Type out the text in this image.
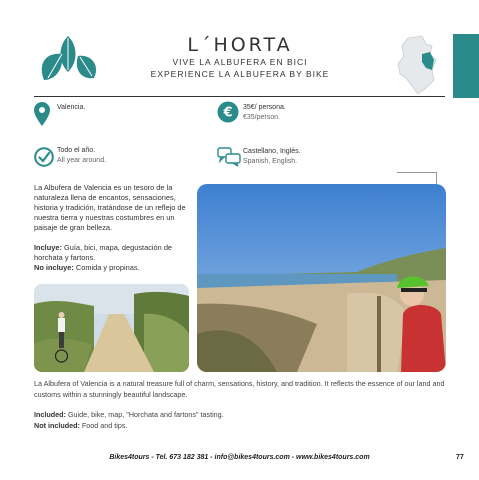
L´HORTA
VIVE LA ALBUFERA EN BICI
EXPERIENCE LA ALBUFERA BY BIKE
Valencia.	€ 35€/ persona.
€35/person.
Todo el año.
All year around.
Castellano, Inglés.
Spanish, English.

La Albufera de Valencia es un tesoro de la naturaleza llena de encantos, sensaciones, historia y tradición, tratándose de un reflejo de nuestra tierra y nuestras costumbres en un paisaje de gran belleza.

Incluye: Guía, bici, mapa, degustación de horchata y fartons.
No incluye: Comida y propinas.

La Albufera of Valencia is a natural treasure full of charm, sensations, history, and tradition. It reflects the essence of our land and customs within a stunningly beautiful landscape.

Included: Guide, bike, map, "Horchata and fartons" tasting.
Not included: Food and tips.
Bikes4tours - Tel. 673 182 381 - info@bikes4tours.com - www.bikes4tours.com	77
